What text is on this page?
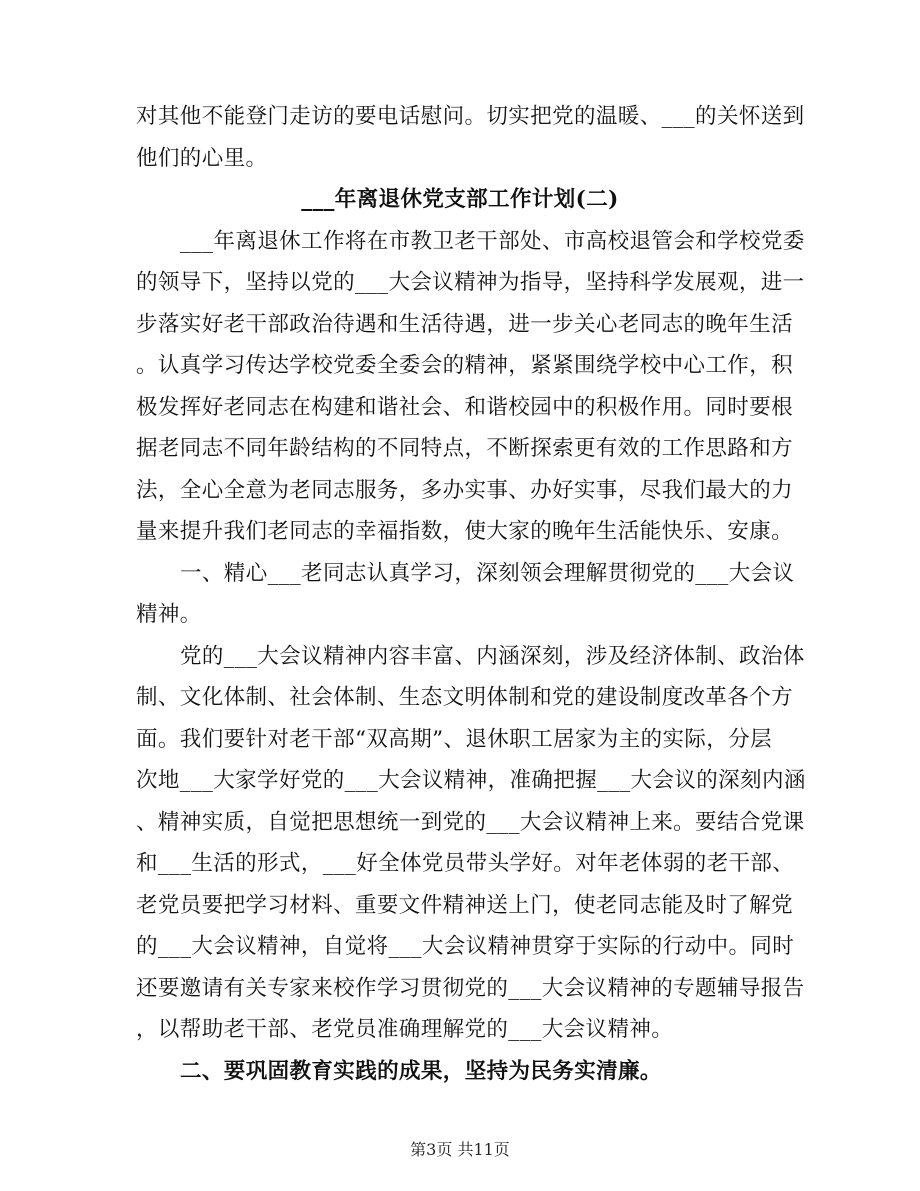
对其他不能登门走访的要电话慰问。切实把党的温暖、___的关怀送到
他们的心里。
___年离退休党支部工作计划(二)
___年离退休工作将在市教卫老干部处、市高校退管会和学校党委
的领导下，坚持以党的___大会议精神为指导，坚持科学发展观，进一
步落实好老干部政治待遇和生活待遇，进一步关心老同志的晚年生活
。认真学习传达学校党委全委会的精神，紧紧围绕学校中心工作，积
极发挥好老同志在构建和谐社会、和谐校园中的积极作用。同时要根
据老同志不同年龄结构的不同特点，不断探索更有效的工作思路和方
法，全心全意为老同志服务，多办实事、办好实事，尽我们最大的力
量来提升我们老同志的幸福指数，使大家的晚年生活能快乐、安康。
一、精心___老同志认真学习，深刻领会理解贯彻党的___大会议
精神。
党的___大会议精神内容丰富、内涵深刻，涉及经济体制、政治体
制、文化体制、社会体制、生态文明体制和党的建设制度改革各个方
面。我们要针对老干部“双高期”、退休职工居家为主的实际，分层
次地___大家学好党的___大会议精神，准确把握___大会议的深刻内涵
、精神实质，自觉把思想统一到党的___大会议精神上来。要结合党课
和___生活的形式，___好全体党员带头学好。对年老体弱的老干部、
老党员要把学习材料、重要文件精神送上门，使老同志能及时了解党
的___大会议精神，自觉将___大会议精神贯穿于实际的行动中。同时
还要邀请有关专家来校作学习贯彻党的___大会议精神的专题辅导报告
，以帮助老干部、老党员准确理解党的___大会议精神。
二、要巩固教育实践的成果，坚持为民务实清廉。
第3页 共11页
